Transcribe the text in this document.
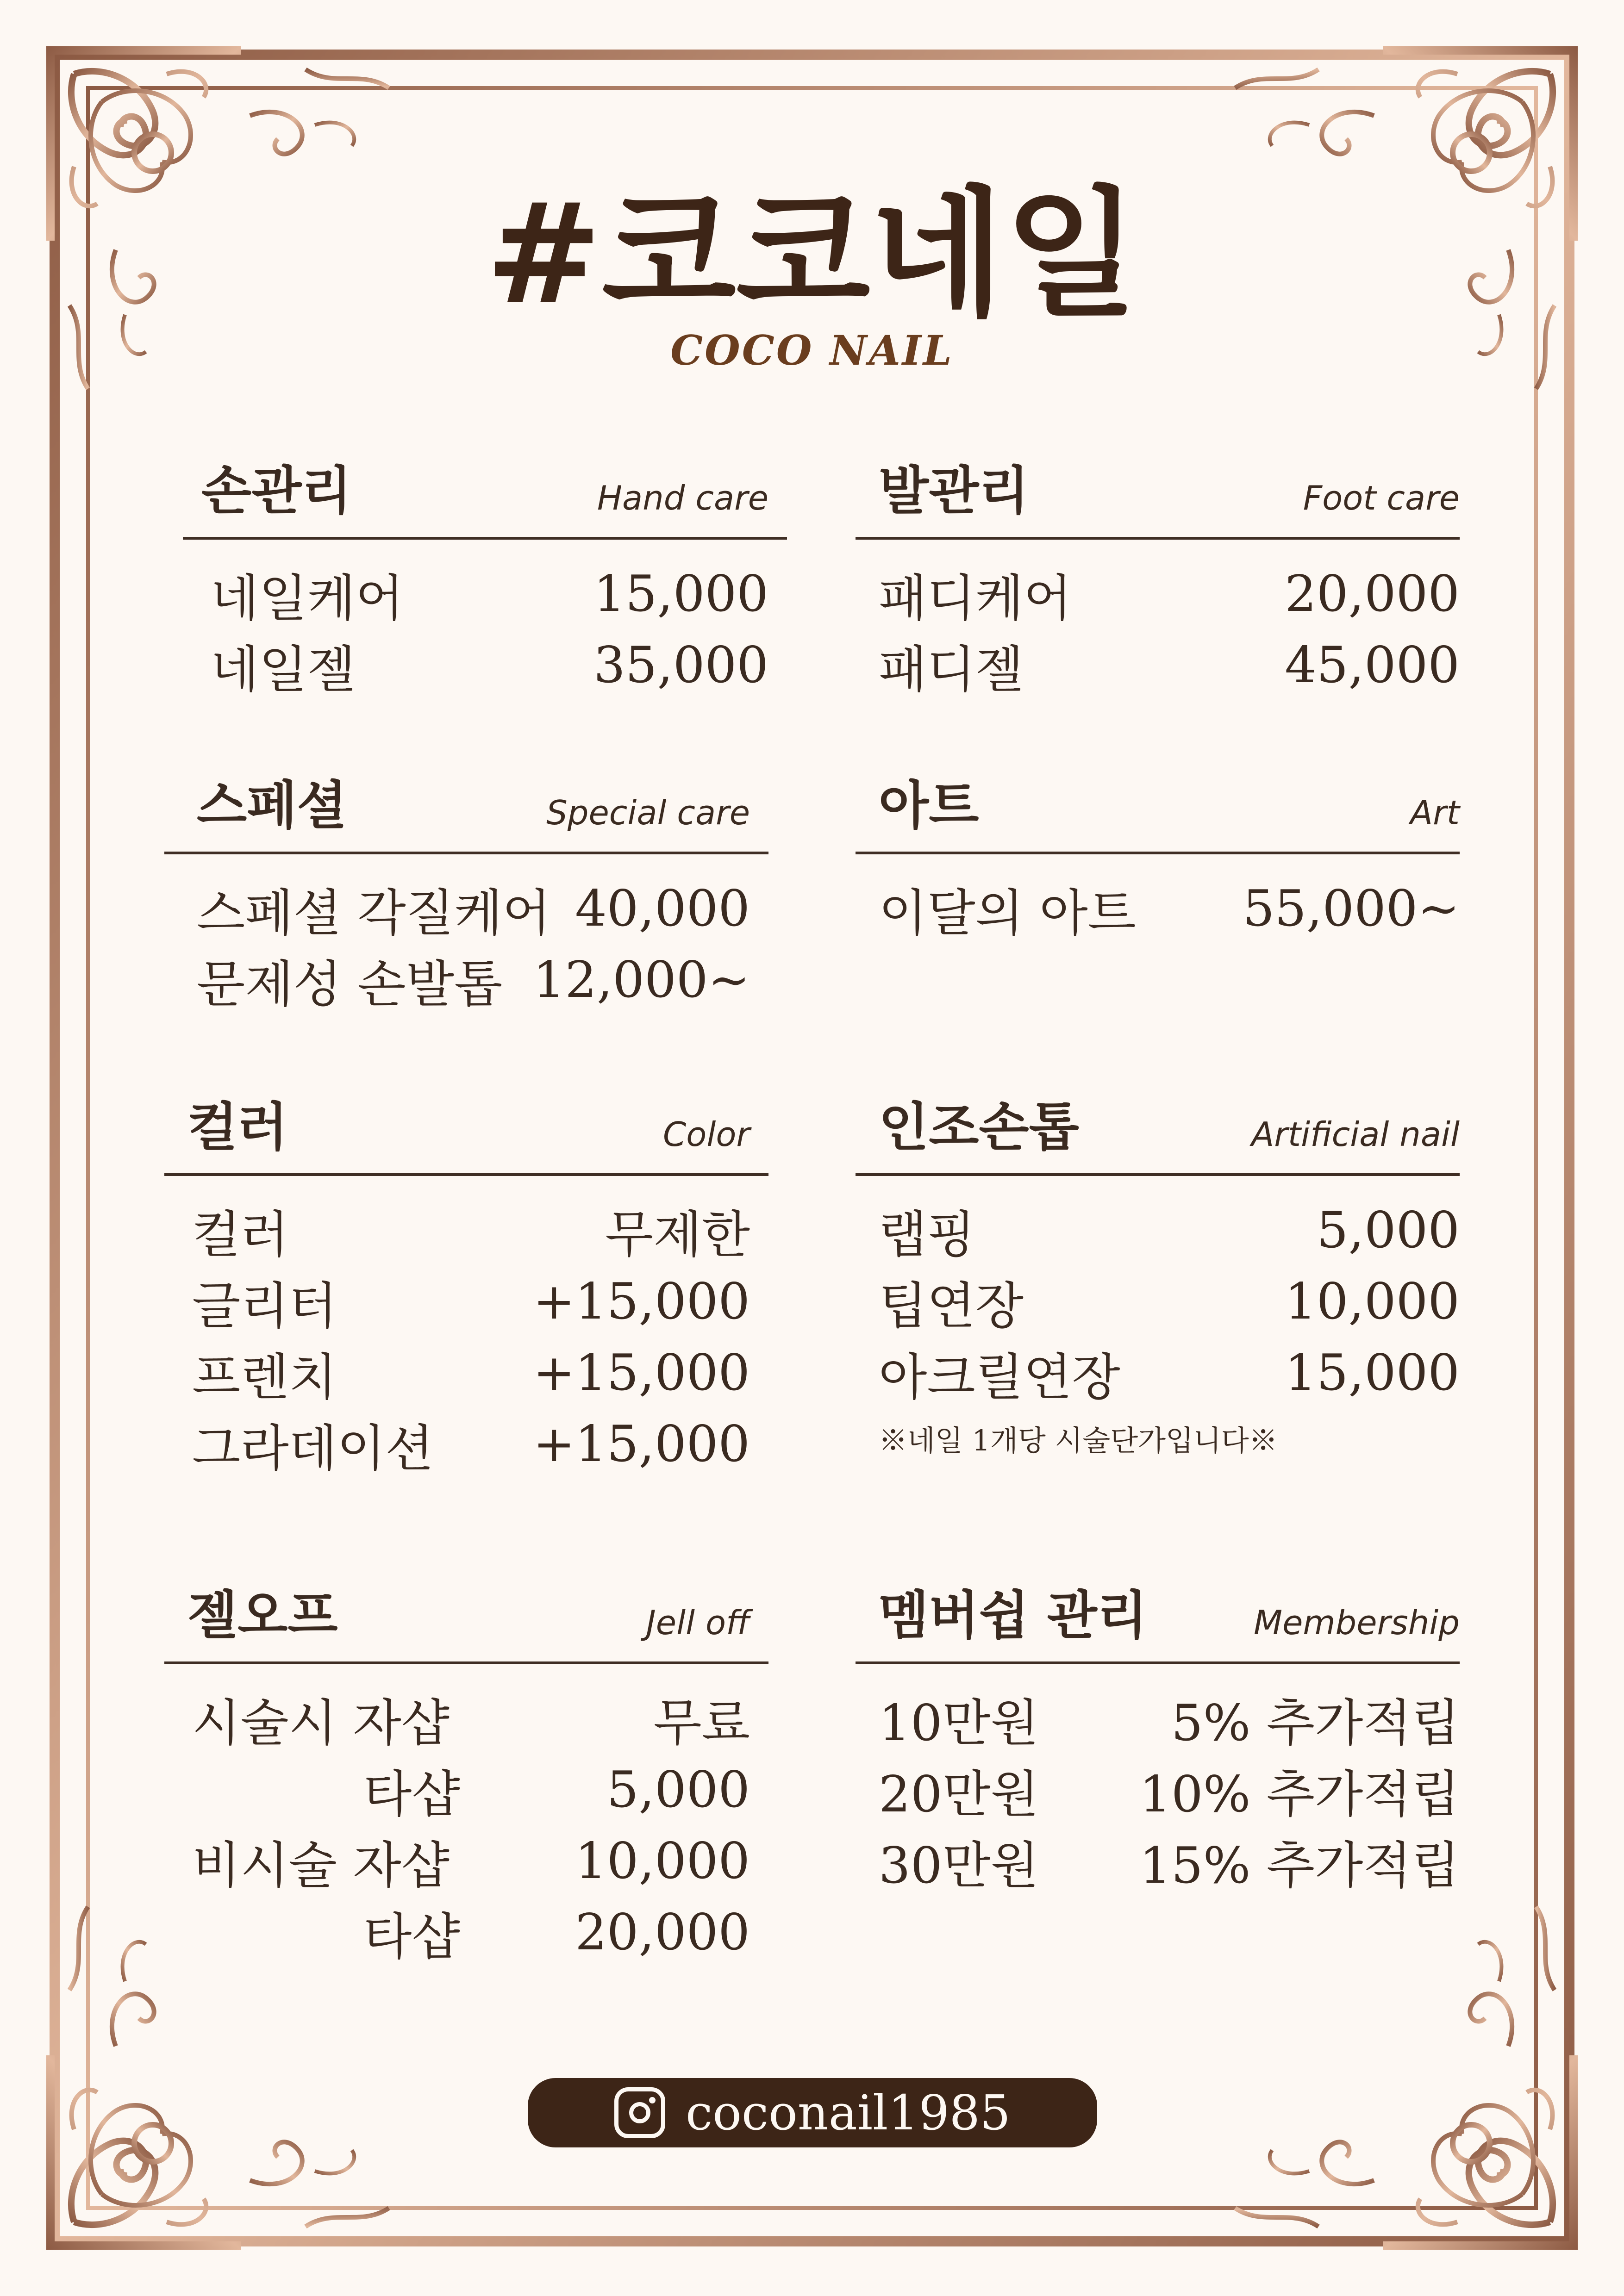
#코코네일
COCO NAIL
손관리	Hand care
네일케어	15,000
네일젤	35,000
스페셜	Special care
스페셜 각질케어 40,000
문제성 손발톱 12,000~
컬러	Color
컬러	무제한
글리터	+15,000
프렌치	+15,000
그라데이션 +15,000
젤오프	Jell off
시술시 자샵	무료
타샵	5,000
비시술 자샵	10,000
타샵 20,000
발관리	Foot care
패디케어	20,000
패디젤	45,000
아트	Art
이달의 아트 55,000~
인조손톱	Artificial nail
랩핑	5,000
팁연장	10,000
아크릴연장	15,000
※네일 1개당 시술단가입니다※
멤버쉽 관리	Membership
10만원	5% 추가적립
20만원 10% 추가적립
30만원 15% 추가적립
coconail1985
